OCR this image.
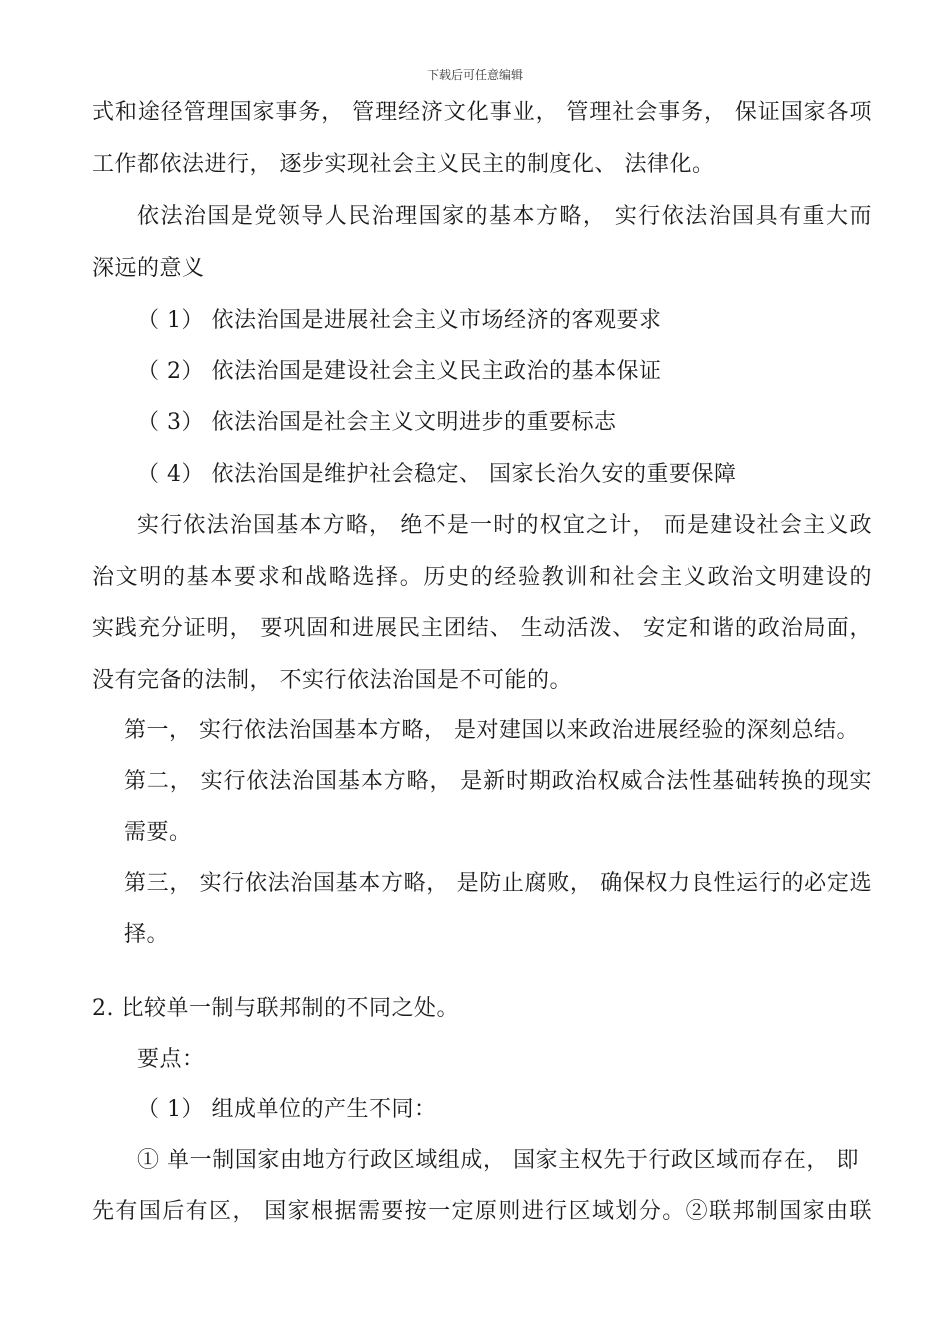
下载后可任意编辑
式和途径管理国家事务， 管理经济文化事业， 管理社会事务， 保证国家各项
工作都依法进行， 逐步实现社会主义民主的制度化、 法律化。
依法治国是党领导人民治理国家的基本方略， 实行依法治国具有重大而
深远的意义
（ 1） 依法治国是进展社会主义市场经济的客观要求
（ 2） 依法治国是建设社会主义民主政治的基本保证
（ 3） 依法治国是社会主义文明进步的重要标志
（ 4） 依法治国是维护社会稳定、 国家长治久安的重要保障
实行依法治国基本方略， 绝不是一时的权宜之计， 而是建设社会主义政
治文明的基本要求和战略选择。历史的经验教训和社会主义政治文明建设的
实践充分证明， 要巩固和进展民主团结、 生动活泼、 安定和谐的政治局面，
没有完备的法制， 不实行依法治国是不可能的。
第一， 实行依法治国基本方略， 是对建国以来政治进展经验的深刻总结。
第二， 实行依法治国基本方略， 是新时期政治权威合法性基础转换的现实
需要。
第三， 实行依法治国基本方略， 是防止腐败， 确保权力良性运行的必定选
择。
2. 比较单一制与联邦制的不同之处。
要点：
（ 1） 组成单位的产生不同：
① 单一制国家由地方行政区域组成， 国家主权先于行政区域而存在， 即
先有国后有区， 国家根据需要按一定原则进行区域划分。②联邦制国家由联
